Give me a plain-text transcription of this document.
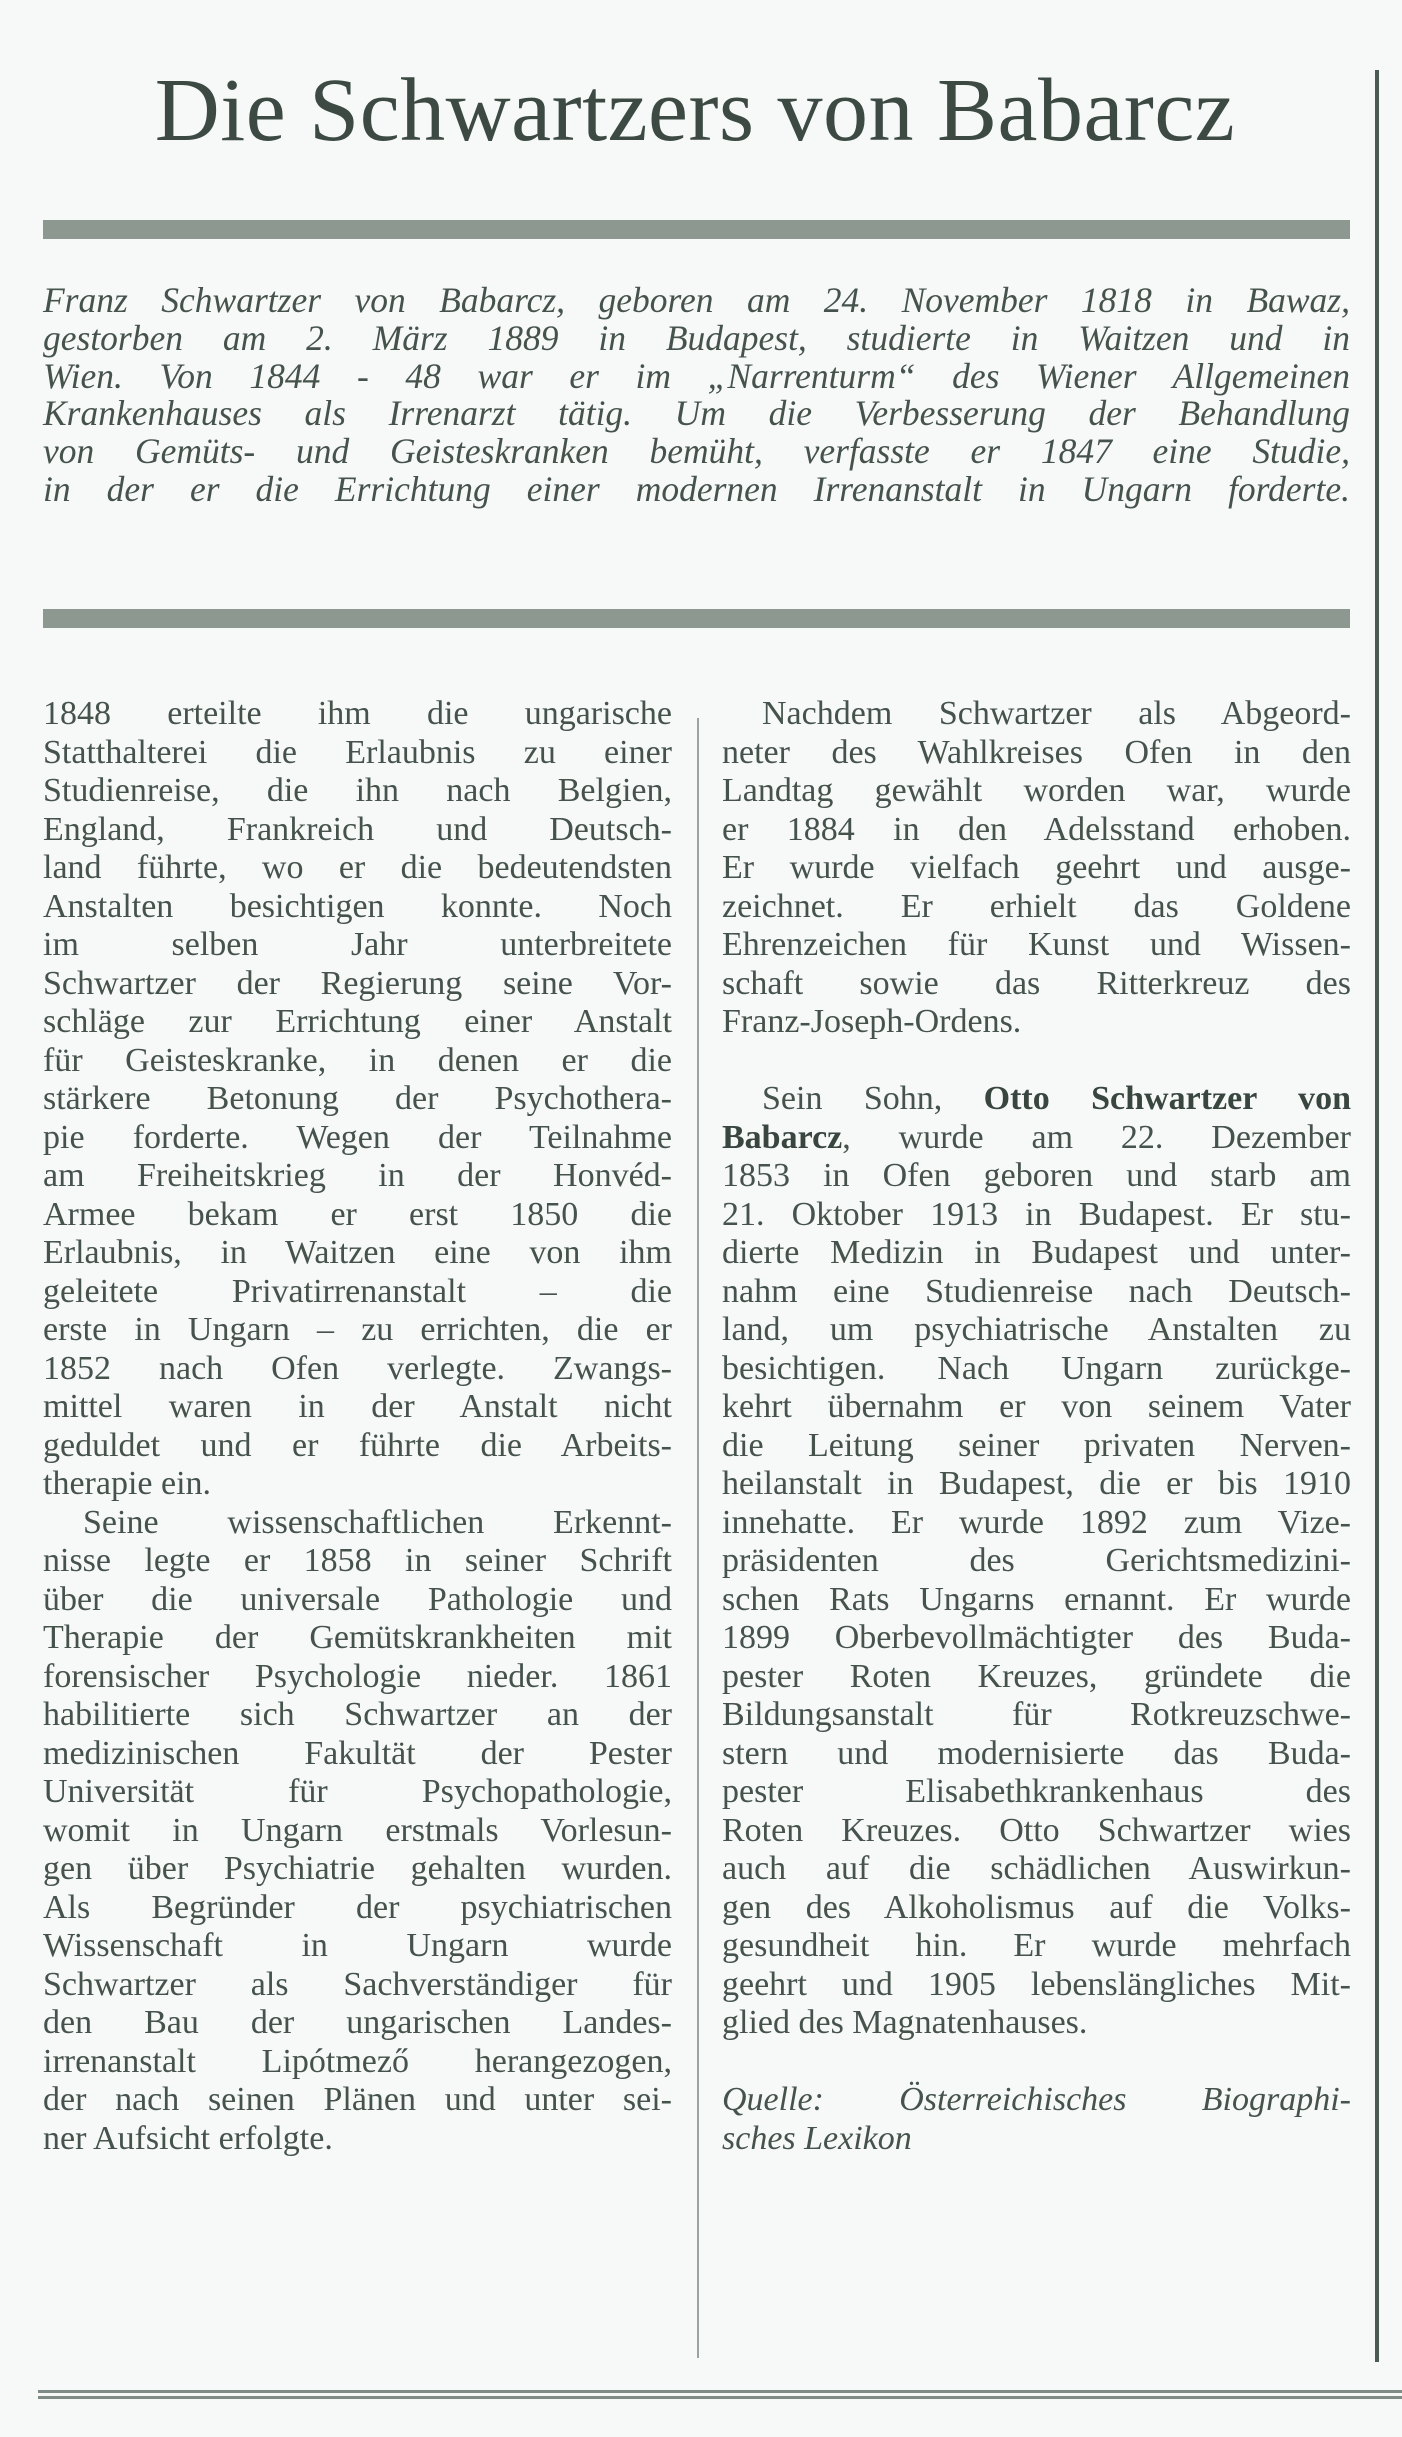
Die Schwartzers von Babarcz
Franz Schwartzer von Babarcz, geboren am 24. November 1818 in Bawaz,
gestorben am 2. März 1889 in Budapest, studierte in Waitzen und in
Wien. Von 1844 - 48 war er im „Narrenturm“ des Wiener Allgemeinen
Krankenhauses als Irrenarzt tätig. Um die Verbesserung der Behandlung
von Gemüts- und Geisteskranken bemüht, verfasste er 1847 eine Studie,
in der er die Errichtung einer modernen Irrenanstalt in Ungarn forderte.
1848 erteilte ihm die ungarische
Statthalterei die Erlaubnis zu einer
Studienreise, die ihn nach Belgien,
England, Frankreich und Deutsch-
land führte, wo er die bedeutendsten
Anstalten besichtigen konnte. Noch
im selben Jahr unterbreitete
Schwartzer der Regierung seine Vor-
schläge zur Errichtung einer Anstalt
für Geisteskranke, in denen er die
stärkere Betonung der Psychothera-
pie forderte. Wegen der Teilnahme
am Freiheitskrieg in der Honvéd-
Armee bekam er erst 1850 die
Erlaubnis, in Waitzen eine von ihm
geleitete Privatirrenanstalt – die
erste in Ungarn – zu errichten, die er
1852 nach Ofen verlegte. Zwangs-
mittel waren in der Anstalt nicht
geduldet und er führte die Arbeits-
therapie ein.
Seine wissenschaftlichen Erkennt-
nisse legte er 1858 in seiner Schrift
über die universale Pathologie und
Therapie der Gemütskrankheiten mit
forensischer Psychologie nieder. 1861
habilitierte sich Schwartzer an der
medizinischen Fakultät der Pester
Universität für Psychopathologie,
womit in Ungarn erstmals Vorlesun-
gen über Psychiatrie gehalten wurden.
Als Begründer der psychiatrischen
Wissenschaft in Ungarn wurde
Schwartzer als Sachverständiger für
den Bau der ungarischen Landes-
irrenanstalt Lipótmező herangezogen,
der nach seinen Plänen und unter sei-
ner Aufsicht erfolgte.
Nachdem Schwartzer als Abgeord-
neter des Wahlkreises Ofen in den
Landtag gewählt worden war, wurde
er 1884 in den Adelsstand erhoben.
Er wurde vielfach geehrt und ausge-
zeichnet. Er erhielt das Goldene
Ehrenzeichen für Kunst und Wissen-
schaft sowie das Ritterkreuz des
Franz-Joseph-Ordens.
Sein Sohn, Otto Schwartzer von
Babarcz, wurde am 22. Dezember
1853 in Ofen geboren und starb am
21. Oktober 1913 in Budapest. Er stu-
dierte Medizin in Budapest und unter-
nahm eine Studienreise nach Deutsch-
land, um psychiatrische Anstalten zu
besichtigen. Nach Ungarn zurückge-
kehrt übernahm er von seinem Vater
die Leitung seiner privaten Nerven-
heilanstalt in Budapest, die er bis 1910
innehatte. Er wurde 1892 zum Vize-
präsidenten des Gerichtsmedizini-
schen Rats Ungarns ernannt. Er wurde
1899 Oberbevollmächtigter des Buda-
pester Roten Kreuzes, gründete die
Bildungsanstalt für Rotkreuzschwe-
stern und modernisierte das Buda-
pester Elisabethkrankenhaus des
Roten Kreuzes. Otto Schwartzer wies
auch auf die schädlichen Auswirkun-
gen des Alkoholismus auf die Volks-
gesundheit hin. Er wurde mehrfach
geehrt und 1905 lebenslängliches Mit-
glied des Magnatenhauses.
Quelle: Österreichisches Biographi-
sches Lexikon
